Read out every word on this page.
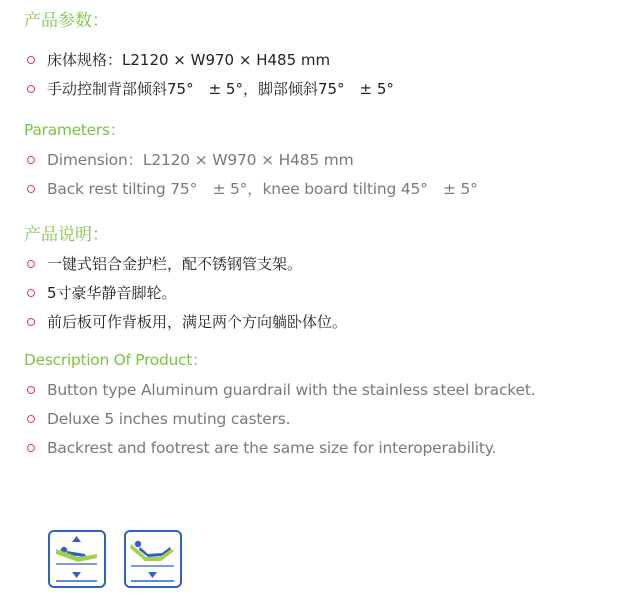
产品参数：
床体规格：L2120 × W970 × H485 mm
手动控制背部倾斜75°　± 5°，脚部倾斜75°　± 5°
Parameters：
Dimension：L2120 × W970 × H485 mm
Back rest tilting 75°　± 5°，knee board tilting 45°　± 5°
产品说明：
一键式铝合金护栏，配不锈钢管支架。
5寸豪华静音脚轮。
前后板可作背板用，满足两个方向躺卧体位。
Description Of Product：
Button type Aluminum guardrail with the stainless steel bracket.
Deluxe 5 inches muting casters.
Backrest and footrest are the same size for interoperability.
